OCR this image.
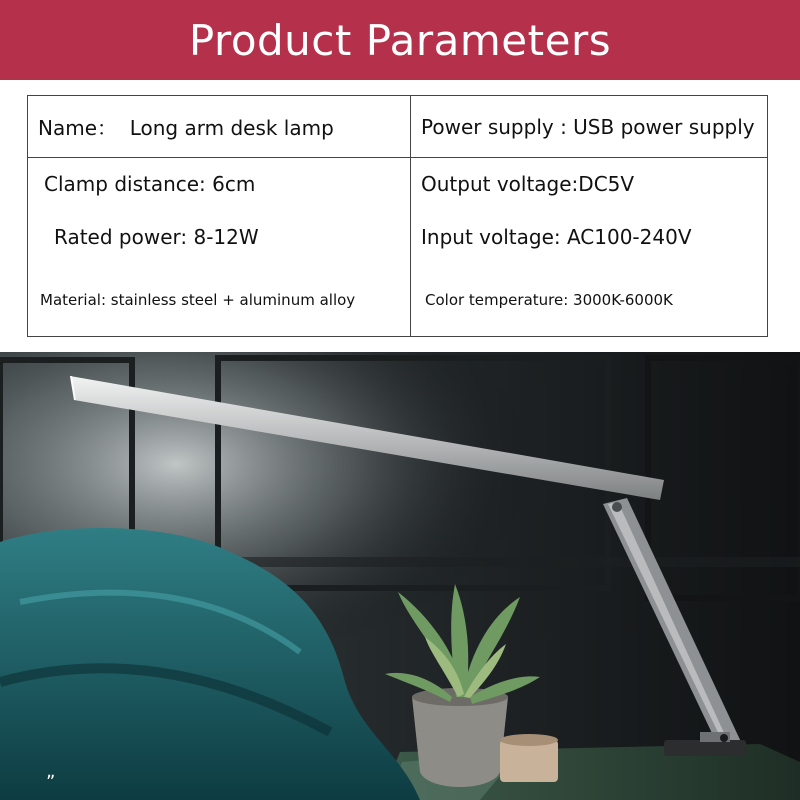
Product Parameters
Name：  Long arm desk lamp	Power supply : USB power supply
Clamp distance: 6cm	Output voltage:DC5V
Rated power: 8-12W	Input voltage: AC100-240V
Material: stainless steel + aluminum alloy	Color temperature: 3000K-6000K
„
